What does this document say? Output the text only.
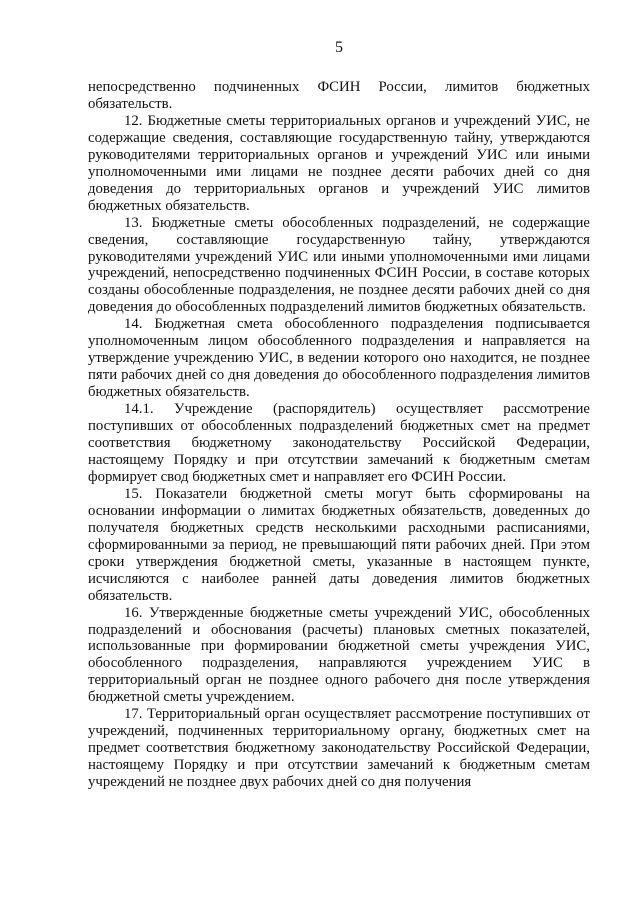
5

непосредственно подчиненных ФСИН России, лимитов бюджетных обязательств.

12. Бюджетные сметы территориальных органов и учреждений УИС, не содержащие сведения, составляющие государственную тайну, утверждаются руководителями территориальных органов и учреждений УИС или иными уполномоченными ими лицами не позднее десяти рабочих дней со дня доведения до территориальных органов и учреждений УИС лимитов бюджетных обязательств.

13. Бюджетные сметы обособленных подразделений, не содержащие сведения, составляющие государственную тайну, утверждаются руководителями учреждений УИС или иными уполномоченными ими лицами учреждений, непосредственно подчиненных ФСИН России, в составе которых созданы обособленные подразделения, не позднее десяти рабочих дней со дня доведения до обособленных подразделений лимитов бюджетных обязательств.

14. Бюджетная смета обособленного подразделения подписывается уполномоченным лицом обособленного подразделения и направляется на утверждение учреждению УИС, в ведении которого оно находится, не позднее пяти рабочих дней со дня доведения до обособленного подразделения лимитов бюджетных обязательств.

14.1. Учреждение (распорядитель) осуществляет рассмотрение поступивших от обособленных подразделений бюджетных смет на предмет соответствия бюджетному законодательству Российской Федерации, настоящему Порядку и при отсутствии замечаний к бюджетным сметам формирует свод бюджетных смет и направляет его ФСИН России.

15. Показатели бюджетной сметы могут быть сформированы на основании информации о лимитах бюджетных обязательств, доведенных до получателя бюджетных средств несколькими расходными расписаниями, сформированными за период, не превышающий пяти рабочих дней. При этом сроки утверждения бюджетной сметы, указанные в настоящем пункте, исчисляются с наиболее ранней даты доведения лимитов бюджетных обязательств.

16. Утвержденные бюджетные сметы учреждений УИС, обособленных подразделений и обоснования (расчеты) плановых сметных показателей, использованные при формировании бюджетной сметы учреждения УИС, обособленного подразделения, направляются учреждением УИС в территориальный орган не позднее одного рабочего дня после утверждения бюджетной сметы учреждением.

17. Территориальный орган осуществляет рассмотрение поступивших от учреждений, подчиненных территориальному органу, бюджетных смет на предмет соответствия бюджетному законодательству Российской Федерации, настоящему Порядку и при отсутствии замечаний к бюджетным сметам учреждений не позднее двух рабочих дней со дня получения
